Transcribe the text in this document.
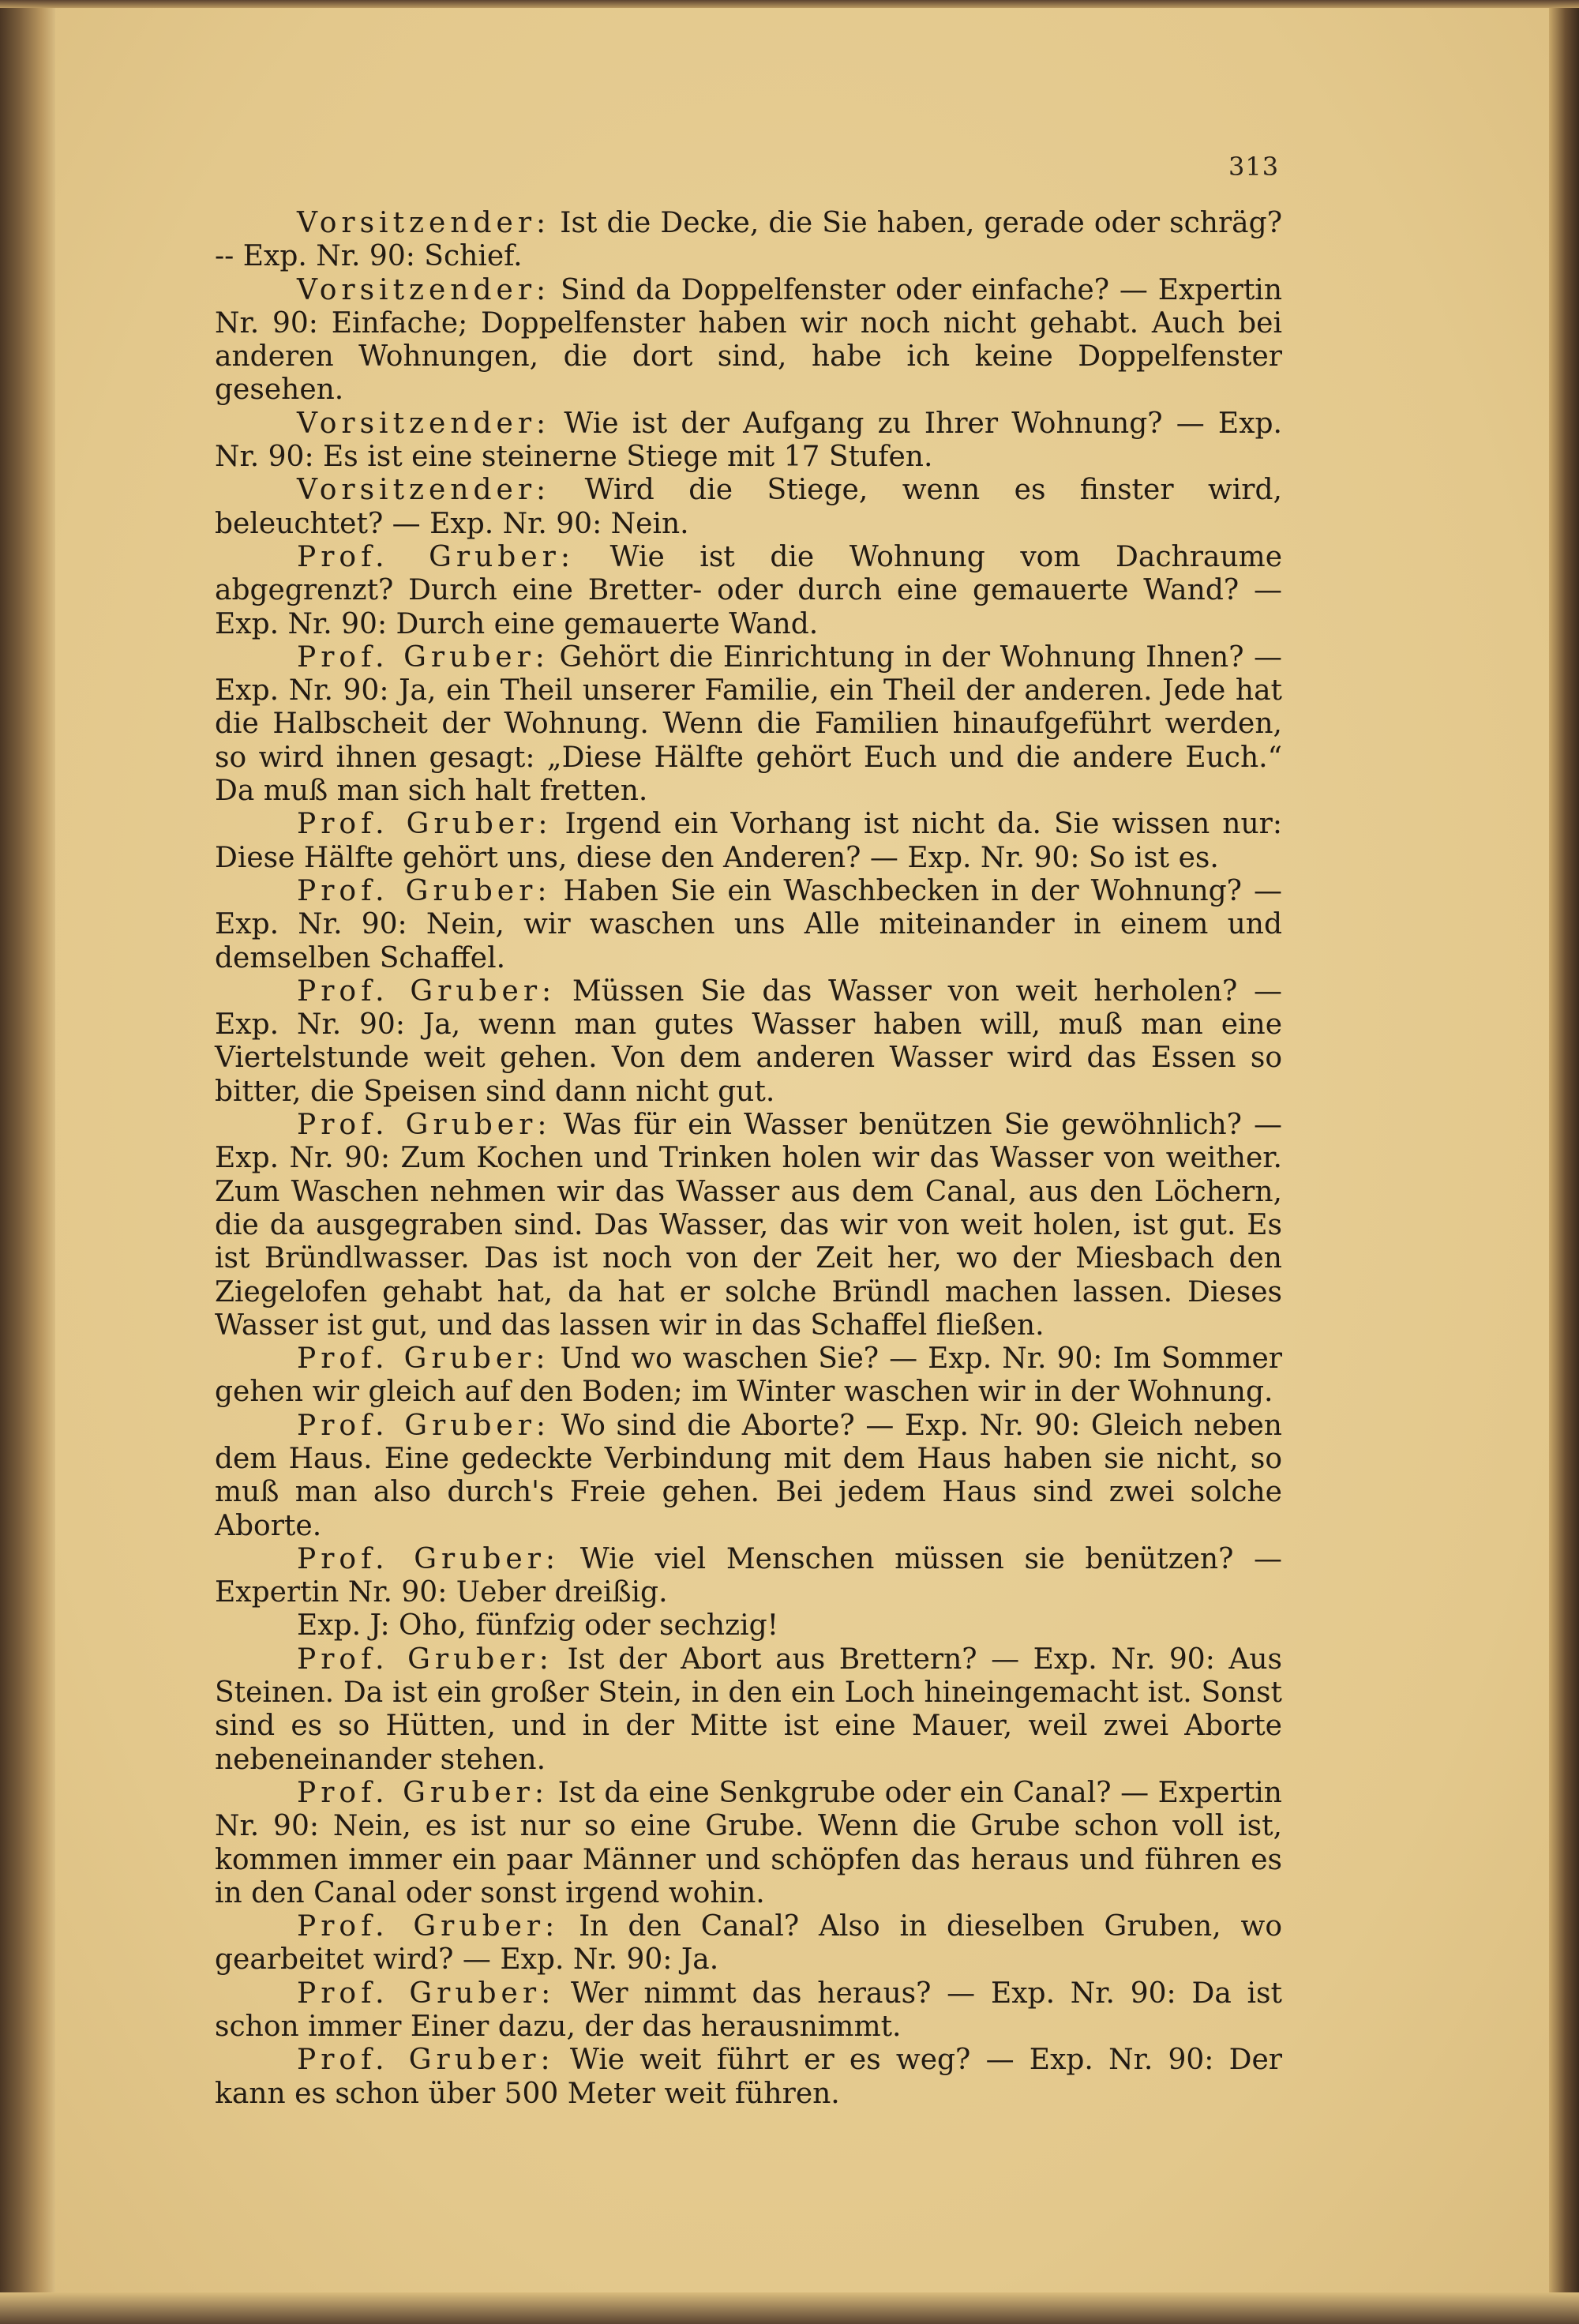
313

Vorsitzender: Ist die Decke, die Sie haben, gerade oder schräg? -- Exp. Nr. 90: Schief.

Vorsitzender: Sind da Doppelfenster oder einfache? — Expertin Nr. 90: Einfache; Doppelfenster haben wir noch nicht gehabt. Auch bei anderen Wohnungen, die dort sind, habe ich keine Doppelfenster gesehen.

Vorsitzender: Wie ist der Aufgang zu Ihrer Wohnung? — Exp. Nr. 90: Es ist eine steinerne Stiege mit 17 Stufen.

Vorsitzender: Wird die Stiege, wenn es finster wird, beleuchtet? — Exp. Nr. 90: Nein.

Prof. Gruber: Wie ist die Wohnung vom Dachraume abgegrenzt? Durch eine Bretter- oder durch eine gemauerte Wand? — Exp. Nr. 90: Durch eine gemauerte Wand.

Prof. Gruber: Gehört die Einrichtung in der Wohnung Ihnen? — Exp. Nr. 90: Ja, ein Theil unserer Familie, ein Theil der anderen. Jede hat die Halbscheit der Wohnung. Wenn die Familien hinaufgeführt werden, so wird ihnen gesagt: „Diese Hälfte gehört Euch und die andere Euch.“ Da muß man sich halt fretten.

Prof. Gruber: Irgend ein Vorhang ist nicht da. Sie wissen nur: Diese Hälfte gehört uns, diese den Anderen? — Exp. Nr. 90: So ist es.

Prof. Gruber: Haben Sie ein Waschbecken in der Wohnung? — Exp. Nr. 90: Nein, wir waschen uns Alle miteinander in einem und demselben Schaffel.

Prof. Gruber: Müssen Sie das Wasser von weit herholen? — Exp. Nr. 90: Ja, wenn man gutes Wasser haben will, muß man eine Viertelstunde weit gehen. Von dem anderen Wasser wird das Essen so bitter, die Speisen sind dann nicht gut.

Prof. Gruber: Was für ein Wasser benützen Sie gewöhnlich? — Exp. Nr. 90: Zum Kochen und Trinken holen wir das Wasser von weither. Zum Waschen nehmen wir das Wasser aus dem Canal, aus den Löchern, die da ausgegraben sind. Das Wasser, das wir von weit holen, ist gut. Es ist Bründlwasser. Das ist noch von der Zeit her, wo der Miesbach den Ziegelofen gehabt hat, da hat er solche Bründl machen lassen. Dieses Wasser ist gut, und das lassen wir in das Schaffel fließen.

Prof. Gruber: Und wo waschen Sie? — Exp. Nr. 90: Im Sommer gehen wir gleich auf den Boden; im Winter waschen wir in der Wohnung.

Prof. Gruber: Wo sind die Aborte? — Exp. Nr. 90: Gleich neben dem Haus. Eine gedeckte Verbindung mit dem Haus haben sie nicht, so muß man also durch's Freie gehen. Bei jedem Haus sind zwei solche Aborte.

Prof. Gruber: Wie viel Menschen müssen sie benützen? — Expertin Nr. 90: Ueber dreißig.

Exp. J: Oho, fünfzig oder sechzig!

Prof. Gruber: Ist der Abort aus Brettern? — Exp. Nr. 90: Aus Steinen. Da ist ein großer Stein, in den ein Loch hineingemacht ist. Sonst sind es so Hütten, und in der Mitte ist eine Mauer, weil zwei Aborte nebeneinander stehen.

Prof. Gruber: Ist da eine Senkgrube oder ein Canal? — Expertin Nr. 90: Nein, es ist nur so eine Grube. Wenn die Grube schon voll ist, kommen immer ein paar Männer und schöpfen das heraus und führen es in den Canal oder sonst irgend wohin.

Prof. Gruber: In den Canal? Also in dieselben Gruben, wo gearbeitet wird? — Exp. Nr. 90: Ja.

Prof. Gruber: Wer nimmt das heraus? — Exp. Nr. 90: Da ist schon immer Einer dazu, der das herausnimmt.

Prof. Gruber: Wie weit führt er es weg? — Exp. Nr. 90: Der kann es schon über 500 Meter weit führen.
